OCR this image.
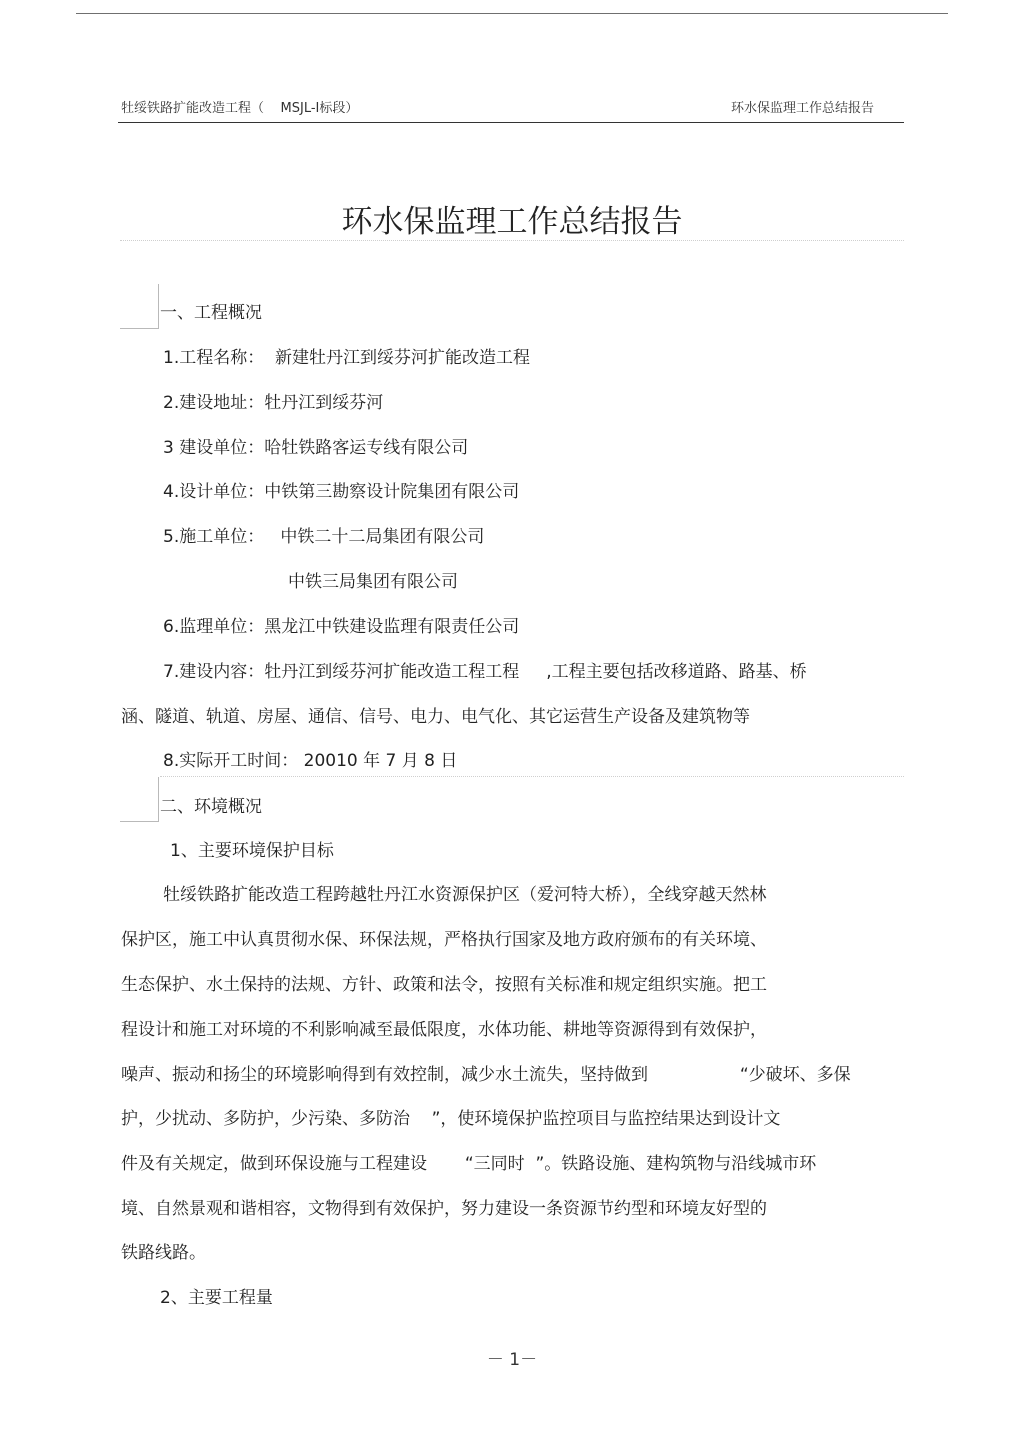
牡绥铁路扩能改造工程（    MSJL-Ⅰ标段）	环水保监理工作总结报告
环水保监理工作总结报告
一、工程概况
1.工程名称：  新建牡丹江到绥芬河扩能改造工程
2.建设地址：牡丹江到绥芬河
3 建设单位：哈牡铁路客运专线有限公司
4.设计单位：中铁第三勘察设计院集团有限公司
5.施工单位：   中铁二十二局集团有限公司
中铁三局集团有限公司
6.监理单位：黑龙江中铁建设监理有限责任公司
7.建设内容：牡丹江到绥芬河扩能改造工程工程     ,工程主要包括改移道路、路基、桥
涵、隧道、轨道、房屋、通信、信号、电力、电气化、其它运营生产设备及建筑物等
8.实际开工时间： 20010 年 7 月 8 日
二、环境概况
1、主要环境保护目标
牡绥铁路扩能改造工程跨越牡丹江水资源保护区（爱河特大桥），全线穿越天然林
保护区，施工中认真贯彻水保、环保法规，严格执行国家及地方政府颁布的有关环境、
生态保护、水土保持的法规、方针、政策和法令，按照有关标准和规定组织实施。把工
程设计和施工对环境的不利影响减至最低限度，水体功能、耕地等资源得到有效保护，
噪声、振动和扬尘的环境影响得到有效控制，减少水土流失，坚持做到                 “少破坏、多保
护，少扰动、多防护，少污染、多防治    ”，使环境保护监控项目与监控结果达到设计文
件及有关规定，做到环保设施与工程建设       “三同时  ”。铁路设施、建构筑物与沿线城市环
境、自然景观和谐相容，文物得到有效保护，努力建设一条资源节约型和环境友好型的
铁路线路。
2、主要工程量
－ 1－
